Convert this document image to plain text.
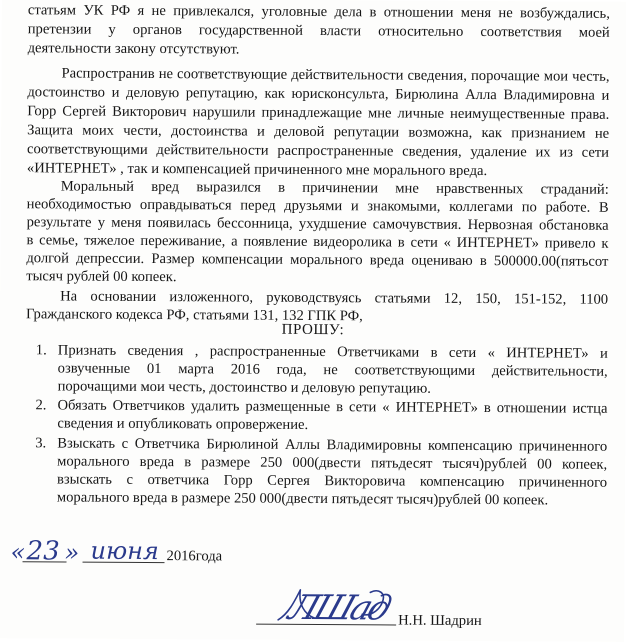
статьям УК РФ я не привлекался, уголовные дела в отношении меня не возбуждались,
претензии у органов государственной власти относительно соответствия моей
деятельности закону отсутствуют.
Распространив не соответствующие действительности сведения, порочащие мои честь,
достоинство и деловую репутацию, как юрисконсульта, Бирюлина Алла Владимировна и
Горр Сергей Викторович нарушили принадлежащие мне личные неимущественные права.
Защита моих чести, достоинства и деловой репутации возможна, как признанием не
соответствующими действительности распространенные сведения, удаление их из сети
«ИНТЕРНЕТ» , так и компенсацией причиненного мне морального вреда.
Моральный вред выразился в причинении мне нравственных страданий:
необходимостью оправдываться перед друзьями и знакомыми, коллегами по работе. В
результате у меня появилась бессонница, ухудшение самочувствия. Нервозная обстановка
в семье, тяжелое переживание, а появление видеоролика в сети « ИНТЕРНЕТ» привело к
долгой депрессии. Размер компенсации морального вреда оцениваю в 500000.00(пятьсот
тысяч рублей 00 копеек.
На основании изложенного, руководствуясь статьями 12, 150, 151-152, 1100
Гражданского кодекса РФ, статьями 131, 132 ГПК РФ,
ПРОШУ:
1. Признать сведения , распространенные Ответчиками в сети « ИНТЕРНЕТ» и
озвученные 01 марта 2016 года, не соответствующими действительности,
порочащими мои честь, достоинство и деловую репутацию.
2. Обязать Ответчиков удалить размещенные в сети « ИНТЕРНЕТ» в отношении истца
сведения и опубликовать опровержение.
3. Взыскать с Ответчика Бирюлиной Аллы Владимировны компенсацию причиненного
морального вреда в размере 250 000(двести пятьдесят тысяч)рублей 00 копеек,
взыскать с ответчика Горр Сергея Викторовича компенсацию причиненного
морального вреда в размере 250 000(двести пятьдесят тысяч)рублей 00 копеек.
« 23 » июня 2016года
ЛШад Н.Н. Шадрин
